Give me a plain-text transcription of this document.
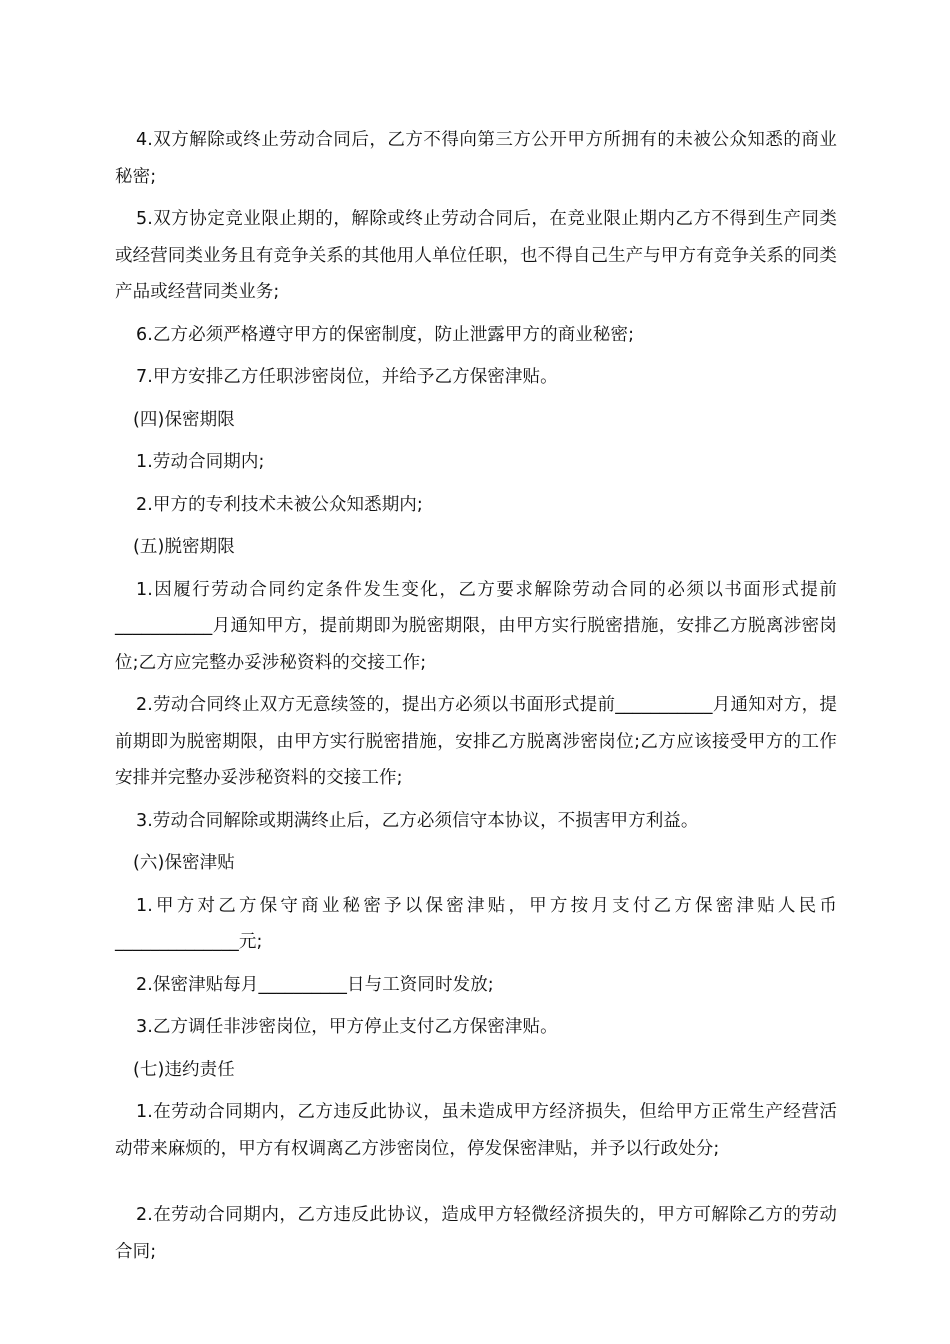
4.双方解除或终止劳动合同后，乙方不得向第三方公开甲方所拥有的未被公众知悉的商业秘密;

5.双方协定竞业限止期的，解除或终止劳动合同后，在竞业限止期内乙方不得到生产同类或经营同类业务且有竞争关系的其他用人单位任职，也不得自己生产与甲方有竞争关系的同类产品或经营同类业务;

6.乙方必须严格遵守甲方的保密制度，防止泄露甲方的商业秘密;

7.甲方安排乙方任职涉密岗位，并给予乙方保密津贴。

(四)保密期限

1.劳动合同期内;

2.甲方的专利技术未被公众知悉期内;

(五)脱密期限

1.因履行劳动合同约定条件发生变化，乙方要求解除劳动合同的必须以书面形式提前___________月通知甲方，提前期即为脱密期限，由甲方实行脱密措施，安排乙方脱离涉密岗位;乙方应完整办妥涉秘资料的交接工作;

2.劳动合同终止双方无意续签的，提出方必须以书面形式提前___________月通知对方，提前期即为脱密期限，由甲方实行脱密措施，安排乙方脱离涉密岗位;乙方应该接受甲方的工作安排并完整办妥涉秘资料的交接工作;

3.劳动合同解除或期满终止后，乙方必须信守本协议，不损害甲方利益。

(六)保密津贴

1.甲方对乙方保守商业秘密予以保密津贴，甲方按月支付乙方保密津贴人民币______________元;

2.保密津贴每月__________日与工资同时发放;

3.乙方调任非涉密岗位，甲方停止支付乙方保密津贴。

(七)违约责任

1.在劳动合同期内，乙方违反此协议，虽未造成甲方经济损失，但给甲方正常生产经营活动带来麻烦的，甲方有权调离乙方涉密岗位，停发保密津贴，并予以行政处分;

2.在劳动合同期内，乙方违反此协议，造成甲方轻微经济损失的，甲方可解除乙方的劳动合同;
